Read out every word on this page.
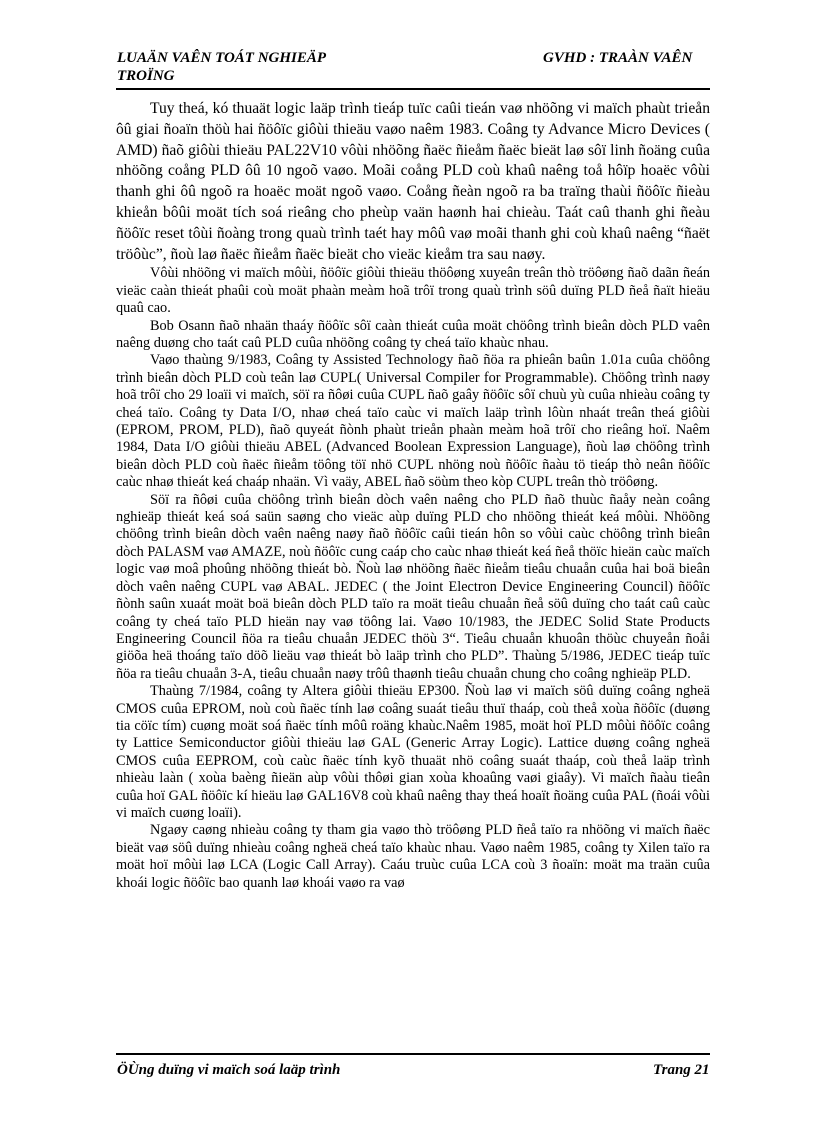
LUAÄN VAÊN TOÁT NGHIEÄP
TROÏNG
GVHD : TRAÀN VAÊN

Tuy theá, kó thuaät logic laäp trình tieáp tuïc caûi tieán vaø nhöõng vi maïch phaùt trieån ôû giai ñoaïn thöù hai ñöôïc giôùi thieäu vaøo naêm 1983. Coâng ty Advance Micro Devices ( AMD) ñaõ giôùi thieäu PAL22V10 vôùi nhöõng ñaëc ñieåm ñaëc bieät laø sôï linh ñoäng cuûa nhöõng coång PLD ôû 10 ngoõ vaøo. Moãi coång PLD coù khaû naêng toå hôïp hoaëc vôùi thanh ghi ôû ngoõ ra hoaëc moät ngoõ vaøo. Coång ñeàn ngoõ ra ba traïng thaùi ñöôïc ñieàu khieån bôûi moät tích soá rieâng cho pheùp vaän haønh hai chieàu. Taát caû thanh ghi ñeàu ñöôïc reset tôùi ñoàng trong quaù trình taét hay môû vaø moãi thanh ghi coù khaû naêng “ñaët tröôùc”, ñoù laø ñaëc ñieåm ñaëc bieät cho vieäc kieåm tra sau naøy.

Vôùi nhöõng vi maïch môùi, ñöôïc giôùi thieäu thöôøng xuyeân treân thò tröôøng ñaõ daãn ñeán vieäc caàn thieát phaûi coù moät phaàn meàm hoã trôï trong quaù trình söû duïng PLD ñeå ñaït hieäu quaû cao.

Bob Osann ñaõ nhaän thaáy ñöôïc sôï caàn thieát cuûa moät chöông trình bieân dòch PLD vaên naêng duøng cho taát caû PLD cuûa nhöõng coâng ty cheá taïo khaùc nhau.

Vaøo thaùng 9/1983, Coâng ty Assisted Technology ñaõ ñöa ra phieân baûn 1.01a cuûa chöông trình bieân dòch PLD coù teân laø CUPL( Universal Compiler for Programmable). Chöông trình naøy hoã trôï cho 29 loaïi vi maïch, söï ra ñôøi cuûa CUPL ñaõ gaây ñöôïc sôï chuù yù cuûa nhieàu coâng ty cheá taïo. Coâng ty Data I/O, nhaø cheá taïo caùc vi maïch laäp trình lôùn nhaát treân theá giôùi (EPROM, PROM, PLD), ñaõ quyeát ñònh phaùt trieån phaàn meàm hoã trôï cho rieâng hoï. Naêm 1984, Data I/O giôùi thieäu ABEL (Advanced Boolean Expression Language), ñoù laø chöông trình bieân dòch PLD coù ñaëc ñieåm töông töï nhö CUPL nhöng noù ñöôïc ñaàu tö tieáp thò neân ñöôïc caùc nhaø thieát keá chaáp nhaän. Vì vaäy, ABEL ñaõ söùm theo kòp CUPL treân thò tröôøng.

Söï ra ñôøi cuûa chöông trình bieân dòch vaên naêng cho PLD ñaõ thuùc ñaåy neàn coâng nghieäp thieát keá soá saün saøng cho vieäc aùp duïng PLD cho nhöõng thieát keá môùi. Nhöõng chöông trình bieân dòch vaên naêng naøy ñaõ ñöôïc caûi tieán hôn so vôùi caùc chöông trình bieân dòch PALASM vaø AMAZE, noù ñöôïc cung caáp cho caùc nhaø thieát keá ñeå thöïc hieän caùc maïch logic vaø moâ phoûng nhöõng thieát bò. Ñoù laø nhöõng ñaëc ñieåm tieâu chuaån cuûa hai boä bieân dòch vaên naêng CUPL vaø ABAL. JEDEC ( the Joint Electron Device Engineering Council) ñöôïc ñònh saûn xuaát moät boä bieân dòch PLD taïo ra moät tieâu chuaån ñeå söû duïng cho taát caû caùc coâng ty cheá taïo PLD hieän nay vaø töông lai. Vaøo 10/1983, the JEDEC Solid State Products Engineering Council ñöa ra tieâu chuaån JEDEC thöù 3“. Tieâu chuaån khuoân thöùc chuyeån ñoåi giöõa heä thoáng taïo döõ lieäu vaø thieát bò laäp trình cho PLD”. Thaùng 5/1986, JEDEC tieáp tuïc ñöa ra tieâu chuaån 3-A, tieâu chuaån naøy trôû thaønh tieâu chuaån chung cho coâng nghieäp PLD.

Thaùng 7/1984, coâng ty Altera giôùi thieäu EP300. Ñoù laø vi maïch söû duïng coâng ngheä CMOS cuûa EPROM, noù coù ñaëc tính laø coâng suaát tieâu thuï thaáp, coù theå xoùa ñöôïc (duøng tia cöïc tím) cuøng moät soá ñaëc tính môû roäng khaùc.Naêm 1985, moät hoï PLD môùi ñöôïc coâng ty Lattice Semiconductor giôùi thieäu laø GAL (Generic Array Logic). Lattice duøng coâng ngheä CMOS cuûa EEPROM, coù caùc ñaëc tính kyõ thuaät nhö coâng suaát thaáp, coù theå laäp trình nhieàu laàn ( xoùa baèng ñieän aùp vôùi thôøi gian xoùa khoaûng vaøi giaây). Vi maïch ñaàu tieân cuûa hoï GAL ñöôïc kí hieäu laø GAL16V8 coù khaû naêng thay theá hoaït ñoäng cuûa PAL (ñoái vôùi vi maïch cuøng loaïi).

Ngaøy caøng nhieàu coâng ty tham gia vaøo thò tröôøng PLD ñeå taïo ra nhöõng vi maïch ñaëc bieät vaø söû duïng nhieàu coâng ngheä cheá taïo khaùc nhau. Vaøo naêm 1985, coâng ty Xilen taïo ra moät hoï môùi laø LCA (Logic Call Array). Caáu truùc cuûa LCA coù 3 ñoaïn: moät ma traän cuûa khoái logic ñöôïc bao quanh laø khoái vaøo ra vaø

ÖÙng duïng vi maïch soá laäp trình	Trang 21
